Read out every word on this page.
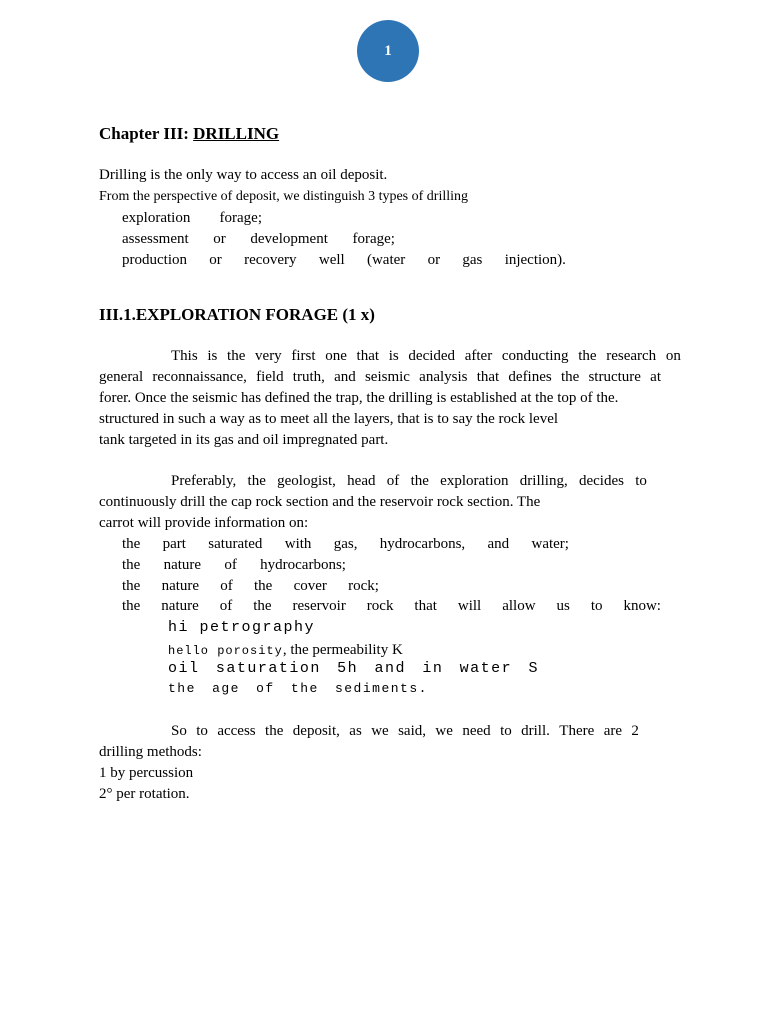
1
Chapter III: DRILLING
Drilling is the only way to access an oil deposit.
From the perspective of deposit, we distinguish 3 types of drilling
exploration forage;
assessment or development forage;
production or recovery well (water or gas injection).
III.1.EXPLORATION FORAGE (1 x)
This is the very first one that is decided after conducting the research on
general reconnaissance, field truth, and seismic analysis that defines the structure at
forer. Once the seismic has defined the trap, the drilling is established at the top of the.
structured in such a way as to meet all the layers, that is to say the rock level
tank targeted in its gas and oil impregnated part.
Preferably, the geologist, head of the exploration drilling, decides to
continuously drill the cap rock section and the reservoir rock section. The
carrot will provide information on:
the part saturated with gas, hydrocarbons, and water;
the nature of hydrocarbons;
the nature of the cover rock;
the nature of the reservoir rock that will allow us to know:
hi petrography
hello porosity, the permeability K
oil saturation 5h and in water S
the age of the sediments.
So to access the deposit, as we said, we need to drill. There are 2
drilling methods:
1 by percussion
2° per rotation.
